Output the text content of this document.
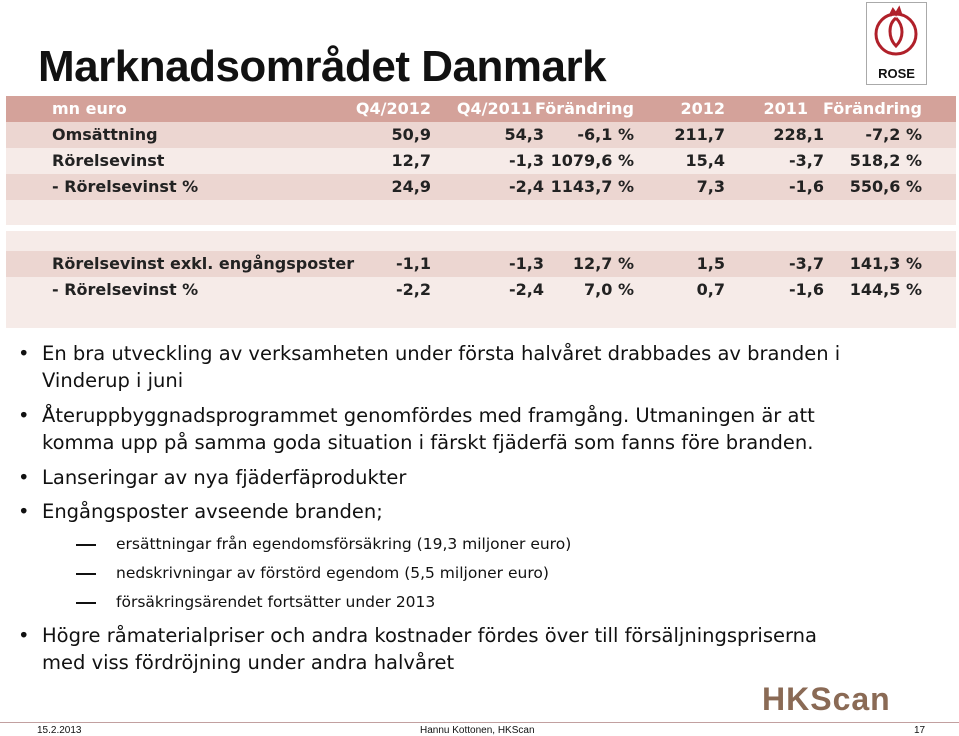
Marknadsområdet Danmark	ROSE
mn euro	Q4/2012 Q4/2011 Förändring	2012 2011 Förändring
Omsättning	50,9	54,3 -6,1 %	211,7	228,1	-7,2 %
Rörelsevinst	12,7	-1,3 1079,6 %	15,4	-3,7 518,2 %
- Rörelsevinst %	24,9	-2,4 1143,7 %	7,3	-1,6 550,6 %
Rörelsevinst exkl. engångsposter	-1,1	-1,3 12,7 %	1,5	-3,7 141,3 %
- Rörelsevinst %	-2,2	-2,4	7,0 %	0,7	-1,6 144,5 %
• En bra utveckling av verksamheten under första halvåret drabbades av branden i
Vinderup i juni
• Återuppbyggnadsprogrammet genomfördes med framgång. Utmaningen är att
komma upp på samma goda situation i färskt fjäderfä som fanns före branden.
• Lanseringar av nya fjäderfäprodukter
• Engångsposter avseende branden;
ersättningar från egendomsförsäkring (19,3 miljoner euro)
nedskrivningar av förstörd egendom (5,5 miljoner euro)
försäkringsärendet fortsätter under 2013
• Högre råmaterialpriser och andra kostnader fördes över till försäljningspriserna
med viss fördröjning under andra halvåret
HKScan
15.2.2013	Hannu Kottonen, HKScan	17
